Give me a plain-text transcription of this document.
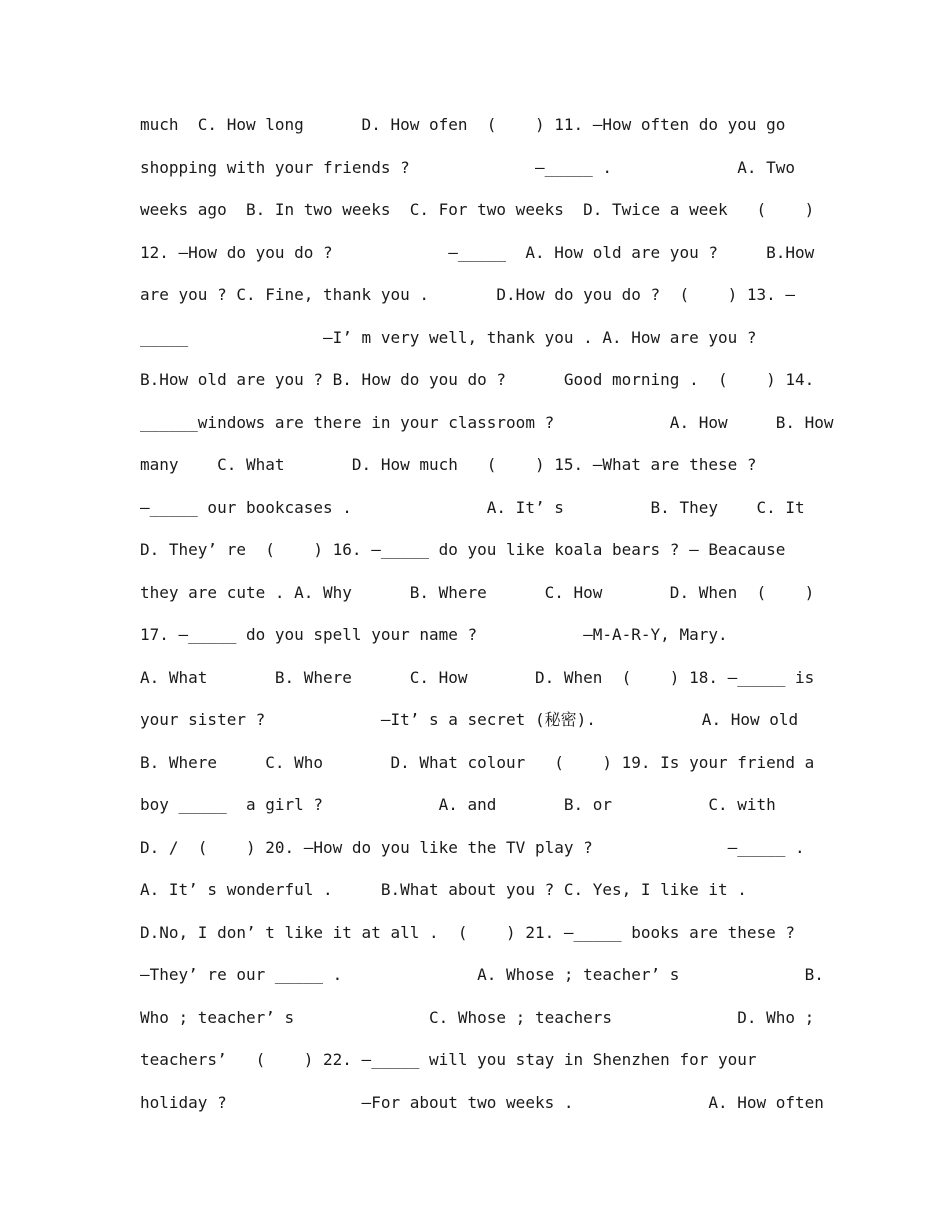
much  C. How long      D. How ofen  (    ) 11. —How often do you go
shopping with your friends ?             —_____ .             A. Two
weeks ago  B. In two weeks  C. For two weeks  D. Twice a week   (    )
12. —How do you do ?            —_____  A. How old are you ?     B.How
are you ? C. Fine, thank you .       D.How do you do ?  (    ) 13. —
_____              —I’ m very well, thank you . A. How are you ?
B.How old are you ? B. How do you do ?      Good morning .  (    ) 14.
______windows are there in your classroom ?            A. How     B. How
many    C. What       D. How much   (    ) 15. —What are these ?
—_____ our bookcases .              A. It’ s         B. They    C. It
D. They’ re  (    ) 16. —_____ do you like koala bears ? — Beacause
they are cute . A. Why      B. Where      C. How       D. When  (    )
17. —_____ do you spell your name ?           —M-A-R-Y, Mary.
A. What       B. Where      C. How       D. When  (    ) 18. —_____ is
your sister ?            —It’ s a secret (秘密).           A. How old
B. Where     C. Who       D. What colour   (    ) 19. Is your friend a
boy _____  a girl ?            A. and       B. or          C. with
D. /  (    ) 20. —How do you like the TV play ?              —_____ .
A. It’ s wonderful .     B.What about you ? C. Yes, I like it .
D.No, I don’ t like it at all .  (    ) 21. —_____ books are these ?
—They’ re our _____ .              A. Whose ; teacher’ s             B.
Who ; teacher’ s              C. Whose ; teachers             D. Who ;
teachers’   (    ) 22. —_____ will you stay in Shenzhen for your
holiday ?              —For about two weeks .              A. How often
